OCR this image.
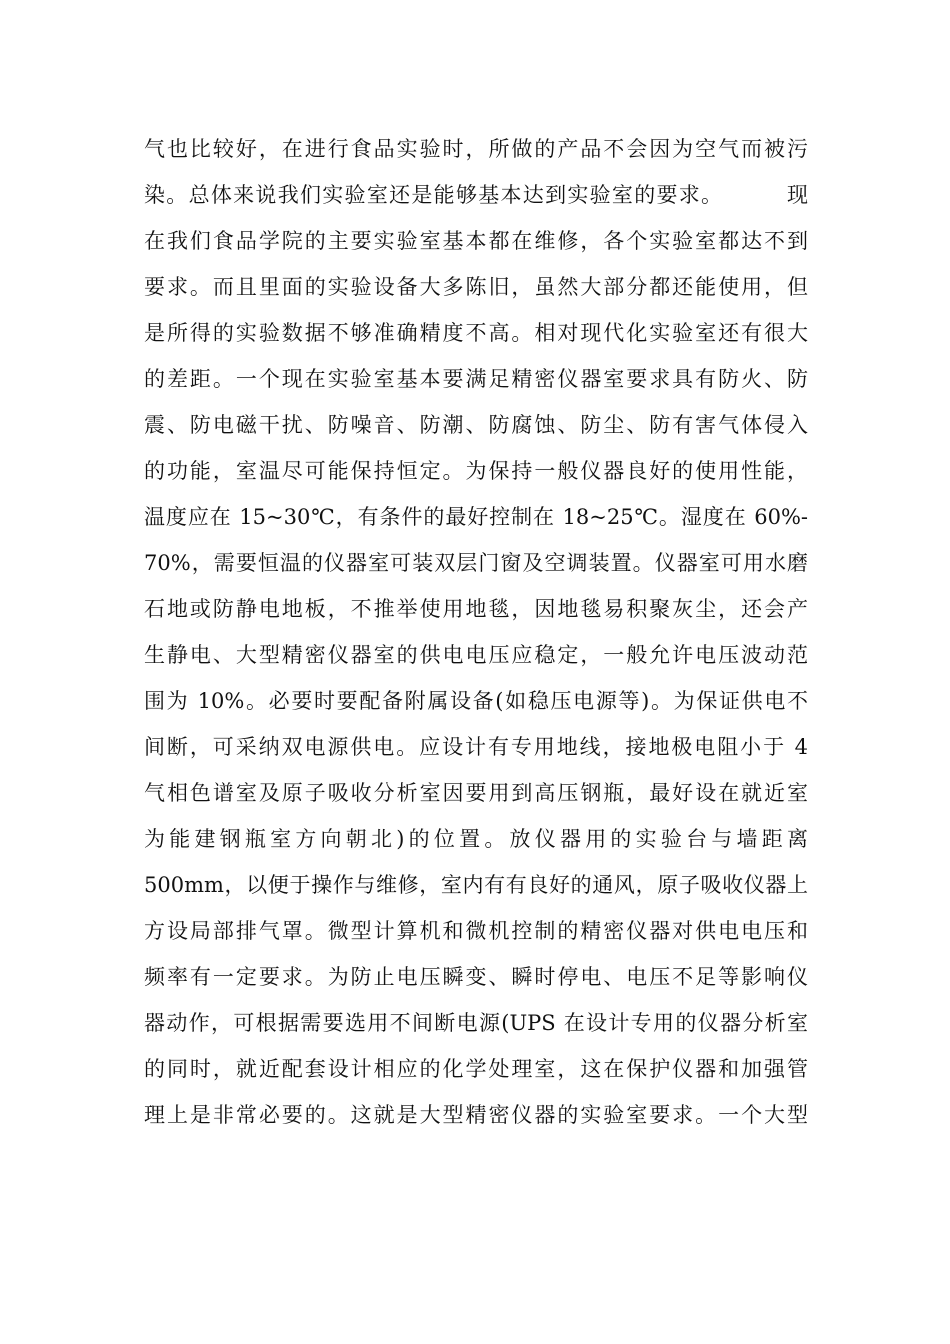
气也比较好，在进行食品实验时，所做的产品不会因为空气而被污
染。总体来说我们实验室还是能够基本达到实验室的要求。        现
在我们食品学院的主要实验室基本都在维修，各个实验室都达不到
要求。而且里面的实验设备大多陈旧，虽然大部分都还能使用，但
是所得的实验数据不够准确精度不高。相对现代化实验室还有很大
的差距。一个现在实验室基本要满足精密仪器室要求具有防火、防
震、防电磁干扰、防噪音、防潮、防腐蚀、防尘、防有害气体侵入
的功能，室温尽可能保持恒定。为保持一般仪器良好的使用性能，
温度应在 15~30℃，有条件的最好控制在 18~25℃。湿度在 60%-
70%，需要恒温的仪器室可装双层门窗及空调装置。仪器室可用水磨
石地或防静电地板，不推举使用地毯，因地毯易积聚灰尘，还会产
生静电、大型精密仪器室的供电电压应稳定，一般允许电压波动范
围为 10%。必要时要配备附属设备(如稳压电源等)。为保证供电不
间断，可采纳双电源供电。应设计有专用地线，接地极电阻小于 4
气相色谱室及原子吸收分析室因要用到高压钢瓶，最好设在就近室
为能建钢瓶室方向朝北)的位置。放仪器用的实验台与墙距离
500mm，以便于操作与维修，室内有有良好的通风，原子吸收仪器上
方设局部排气罩。微型计算机和微机控制的精密仪器对供电电压和
频率有一定要求。为防止电压瞬变、瞬时停电、电压不足等影响仪
器动作，可根据需要选用不间断电源(UPS 在设计专用的仪器分析室
的同时，就近配套设计相应的化学处理室，这在保护仪器和加强管
理上是非常必要的。这就是大型精密仪器的实验室要求。一个大型
